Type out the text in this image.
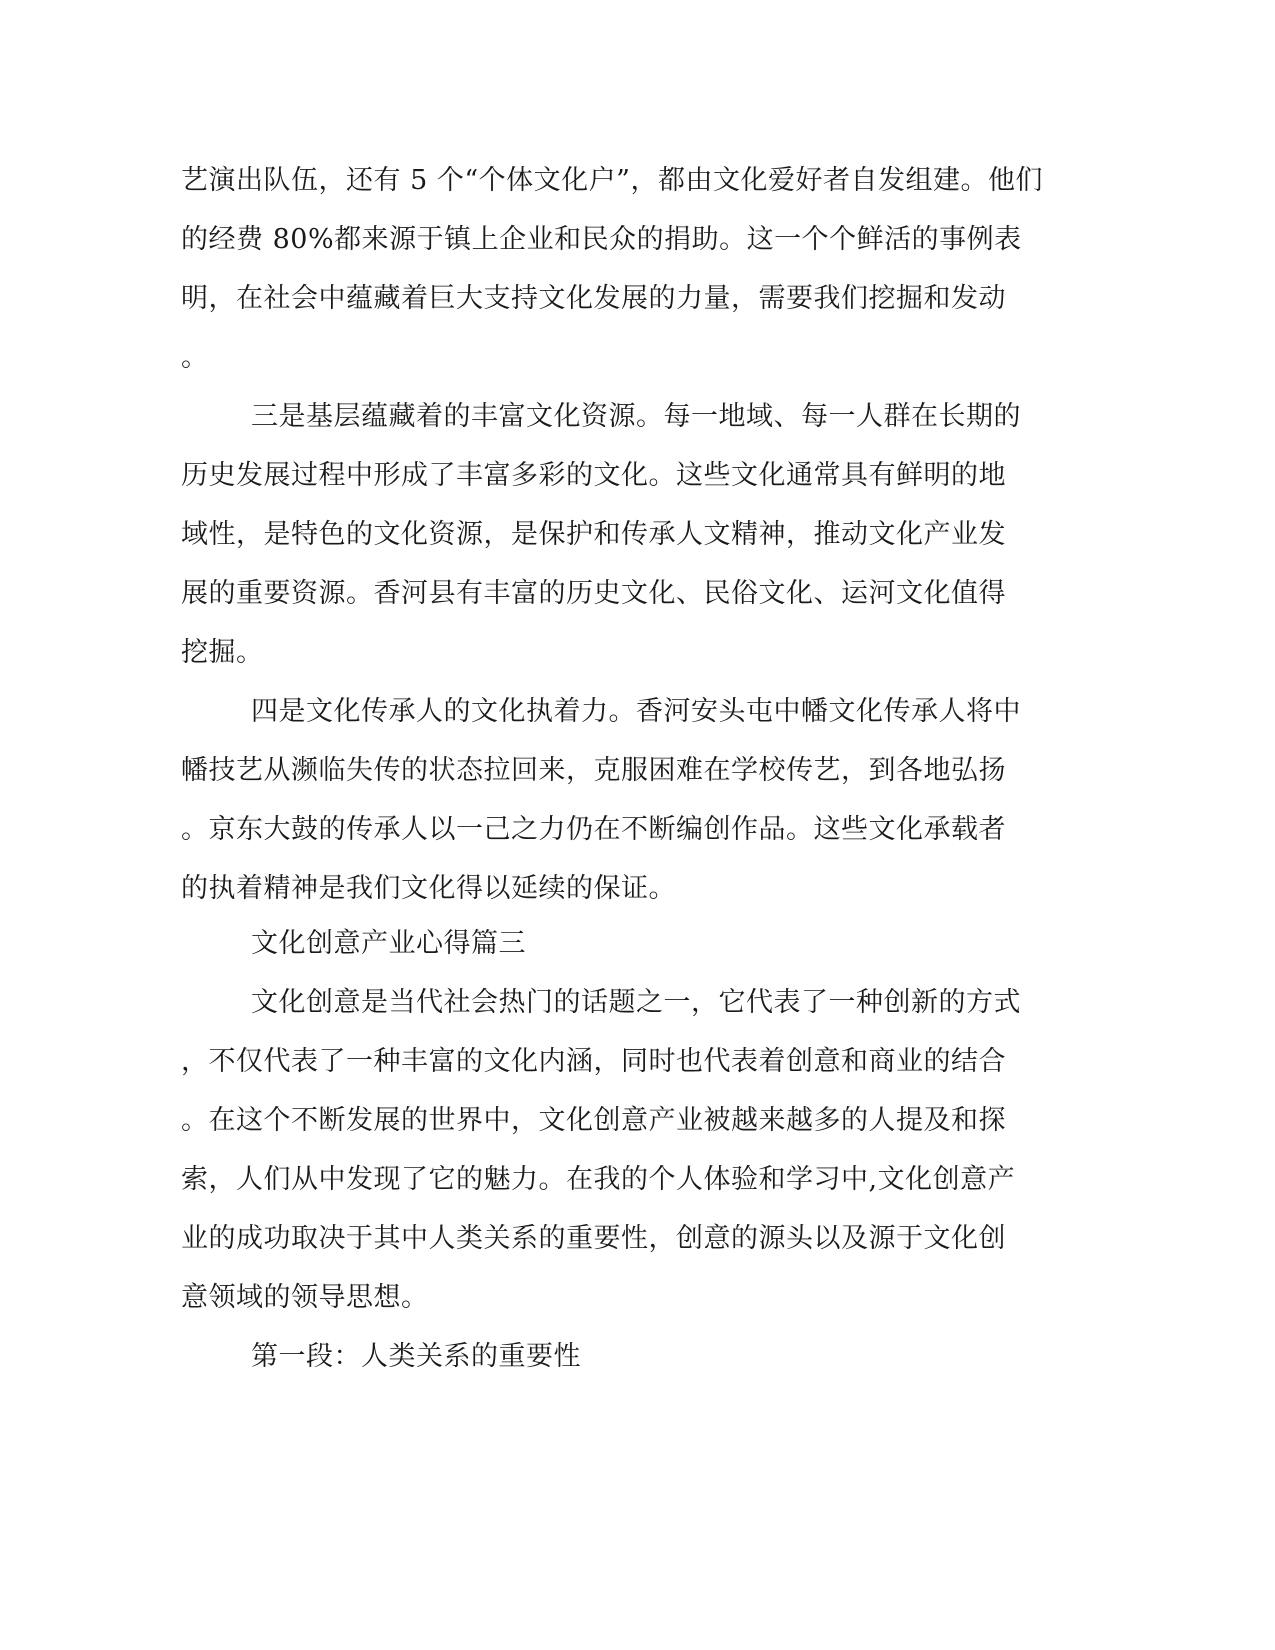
艺演出队伍，还有 5 个“个体文化户”，都由文化爱好者自发组建。他们
的经费 80%都来源于镇上企业和民众的捐助。这一个个鲜活的事例表
明，在社会中蕴藏着巨大支持文化发展的力量，需要我们挖掘和发动
。
三是基层蕴藏着的丰富文化资源。每一地域、每一人群在长期的
历史发展过程中形成了丰富多彩的文化。这些文化通常具有鲜明的地
域性，是特色的文化资源，是保护和传承人文精神，推动文化产业发
展的重要资源。香河县有丰富的历史文化、民俗文化、运河文化值得
挖掘。
四是文化传承人的文化执着力。香河安头屯中幡文化传承人将中
幡技艺从濒临失传的状态拉回来，克服困难在学校传艺，到各地弘扬
。京东大鼓的传承人以一己之力仍在不断编创作品。这些文化承载者
的执着精神是我们文化得以延续的保证。
文化创意产业心得篇三
文化创意是当代社会热门的话题之一，它代表了一种创新的方式
，不仅代表了一种丰富的文化内涵，同时也代表着创意和商业的结合
。在这个不断发展的世界中，文化创意产业被越来越多的人提及和探
索，人们从中发现了它的魅力。在我的个人体验和学习中,文化创意产
业的成功取决于其中人类关系的重要性，创意的源头以及源于文化创
意领域的领导思想。
第一段：人类关系的重要性
